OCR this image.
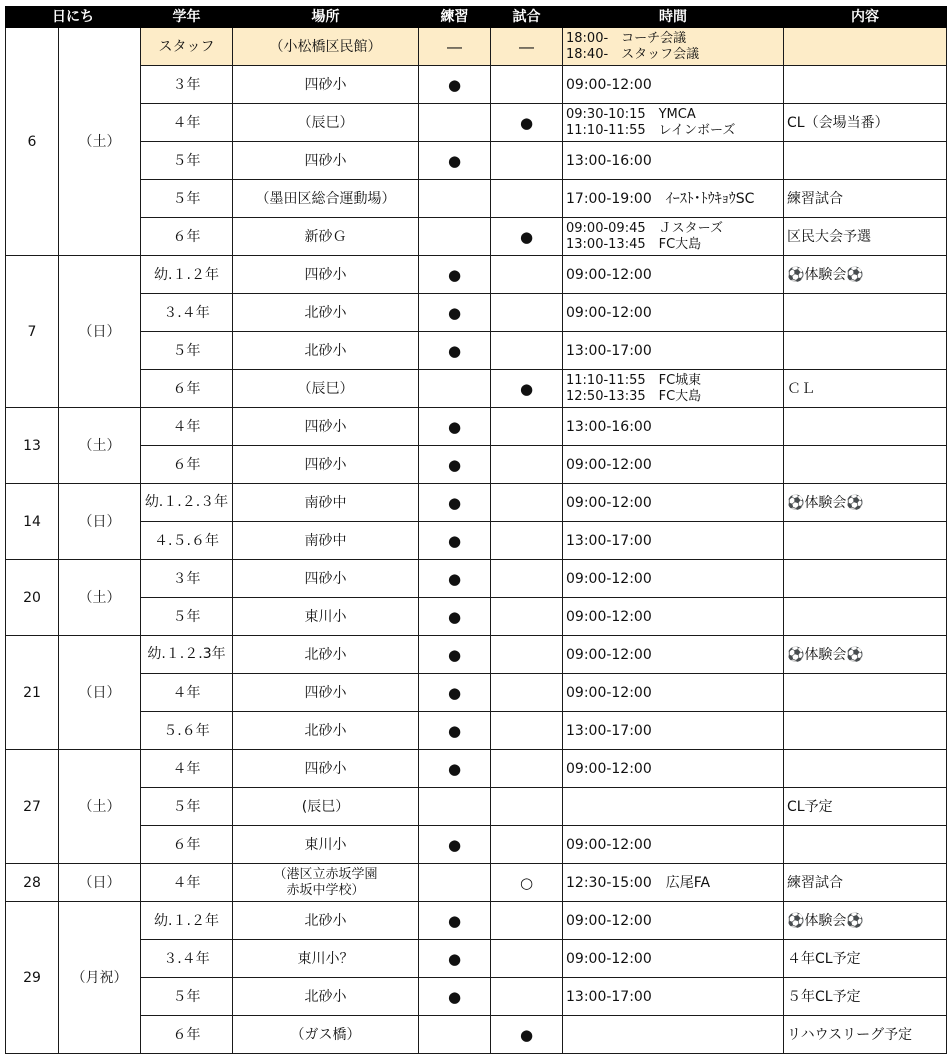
日にち		学年	場所	練習	試合	時間	内容
6	（土）	スタッフ	（小松橋区民館）	―	―	18:00-　コーチ会議
18:40-　スタッフ会議	

		３年	四砂小	●		09:00-12:00	

		４年	（辰巳）		●	09:30-10:15　YMCA
11:10-11:55　レインボーズ	CL（会場当番）
		５年	四砂小	●		13:00-16:00	

		５年	（墨田区総合運動場）			17:00-19:00　ｲｰｽﾄ･ﾄｳｷｮｳSC	練習試合
		６年	新砂Ｇ		●	09:00-09:45　Ｊスターズ
13:00-13:45　FC大島	区民大会予選
7	（日）	幼.１.２年	四砂小	●		09:00-12:00	⚽体験会⚽
		３.４年	北砂小	●		09:00-12:00	

		５年	北砂小	●		13:00-17:00	

		６年	（辰巳）		●	11:10-11:55　FC城東
12:50-13:35　FC大島	ＣＬ
13	（土）	４年	四砂小	●		13:00-16:00	

		６年	四砂小	●		09:00-12:00	

14	（日）	幼.１.２.３年	南砂中	●		09:00-12:00	⚽体験会⚽
		４.５.６年	南砂中	●		13:00-17:00	

20	（土）	３年	四砂小	●		09:00-12:00	

		５年	東川小	●		09:00-12:00	

21	（日）	幼.１.２.3年	北砂小	●		09:00-12:00	⚽体験会⚽
		４年	四砂小	●		09:00-12:00	

		５.６年	北砂小	●		13:00-17:00	

27	（土）	４年	四砂小	●		09:00-12:00	

		５年	(辰巳）				CL予定
		６年	東川小	●		09:00-12:00	

28	（日）	４年	（港区立赤坂学園
赤坂中学校）		○	12:30-15:00　広尾FA	練習試合
29	（月祝）	幼.１.２年	北砂小	●		09:00-12:00	⚽体験会⚽
		３.４年	東川小？	●		09:00-12:00	４年CL予定
		５年	北砂小	●		13:00-17:00	５年CL予定
		６年	（ガス橋）		●		リハウスリーグ予定
